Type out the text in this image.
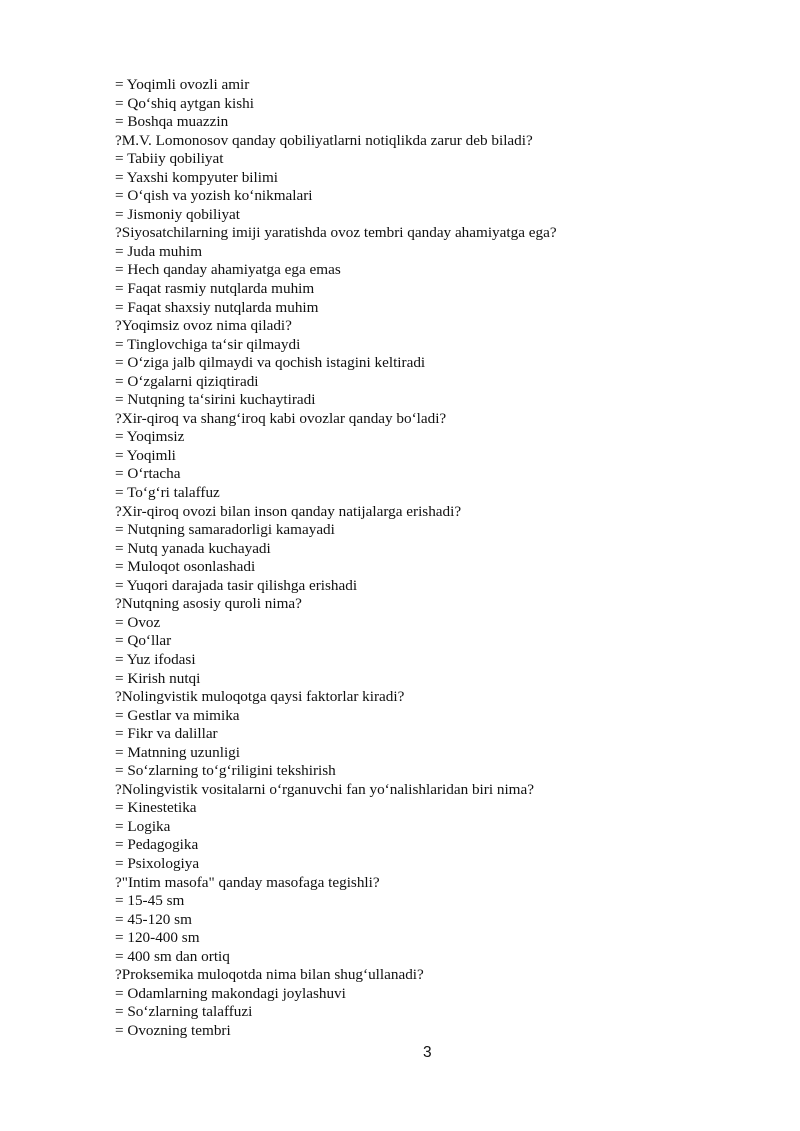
= Yoqimli ovozli amir
= Qo‘shiq aytgan kishi
= Boshqa muazzin
?M.V. Lomonosov qanday qobiliyatlarni notiqlikda zarur deb biladi?
= Tabiiy qobiliyat
= Yaxshi kompyuter bilimi
= O‘qish va yozish ko‘nikmalari
= Jismoniy qobiliyat
?Siyosatchilarning imiji yaratishda ovoz tembri qanday ahamiyatga ega?
= Juda muhim
= Hech qanday ahamiyatga ega emas
= Faqat rasmiy nutqlarda muhim
= Faqat shaxsiy nutqlarda muhim
?Yoqimsiz ovoz nima qiladi?
= Tinglovchiga ta‘sir qilmaydi
= O‘ziga jalb qilmaydi va qochish istagini keltiradi
= O‘zgalarni qiziqtiradi
= Nutqning ta‘sirini kuchaytiradi
?Xir-qiroq va shang‘iroq kabi ovozlar qanday bo‘ladi?
= Yoqimsiz
= Yoqimli
= O‘rtacha
= To‘g‘ri talaffuz
?Xir-qiroq ovozi bilan inson qanday natijalarga erishadi?
= Nutqning samaradorligi kamayadi
= Nutq yanada kuchayadi
= Muloqot osonlashadi
= Yuqori darajada tasir qilishga erishadi
?Nutqning asosiy quroli nima?
= Ovoz
= Qo‘llar
= Yuz ifodasi
= Kirish nutqi
?Nolingvistik muloqotga qaysi faktorlar kiradi?
= Gestlar va mimika
= Fikr va dalillar
= Matnning uzunligi
= So‘zlarning to‘g‘riligini tekshirish
?Nolingvistik vositalarni o‘rganuvchi fan yo‘nalishlaridan biri nima?
= Kinestetika
= Logika
= Pedagogika
= Psixologiya
?"Intim masofa" qanday masofaga tegishli?
= 15-45 sm
= 45-120 sm
= 120-400 sm
= 400 sm dan ortiq
?Proksemika muloqotda nima bilan shug‘ullanadi?
= Odamlarning makondagi joylashuvi
= So‘zlarning talaffuzi
= Ovozning tembri
3
